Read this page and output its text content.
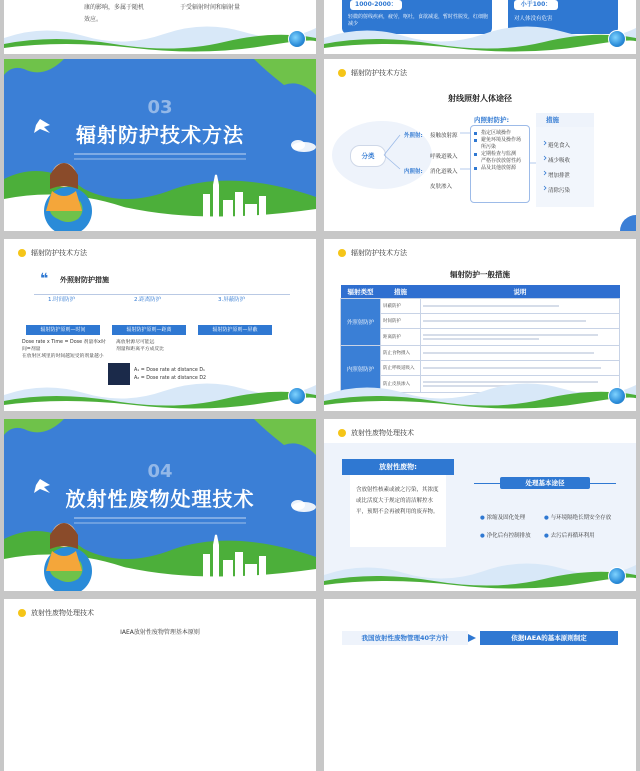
康的影响，多属于随机
效应。
于受辐射时间和辐射量	1000-2000：
轻微的射线疾病，疲劳，呕吐，食欲减退，暂时性脱发，红细胞减少
小于100：
对人体没有危害
03
辐射防护技术方法
辐射防护技术方法
射线照射人体途径
分类
外照射: 接触放射源
内照射:
呼吸道吸入
消化道吸入
皮肤渗入
内照射防护:
指定区域操作
避免环境及操作场所污染
定期检查与监测
严格存放放射性药品及其他放射源
措施
避免食入
减少吸收
增加排泄
清除污染
辐射防护技术方法
❝ 外照射防护措施
1.时间防护	2.距离防护	3.屏蔽防护
辐射防护原则—时间	辐射防护原则—距离	辐射防护原则—屏蔽
Dose rate x Time = Dose 剂量率x时间=剂量
在放射区域里的时间越短受的剂量越小
离放射源尽可能远
剂量和距离平方成反比
A₁ = Dose rate at distance D₁
A₂ = Dose rate at distance D2
辐射防护技术方法
辐射防护一般措施
辐射类型	措施	说明
外照射防护	屏蔽防护	

	时间防护	

	距离防护	

内照射防护	防止食物摄入	

	防止呼吸道吸入	

	防止皮肤渗入	
04
放射性废物处理技术
放射性废物处理技术
放射性废物:
含放射性核素或被之污染，其浓度或比活度大于规定的清洁解控水平，预期不会再被利用的废弃物。
处理基本途径
● 浓缩及固化处理	● 与环境隔绝长期安全存放
● 净化后有控制排放 ● 去污后再循环利用
放射性废物处理技术
IAEA放射性废物管理基本原则
我国放射性废物管理40字方针	依据IAEA的基本原则制定
